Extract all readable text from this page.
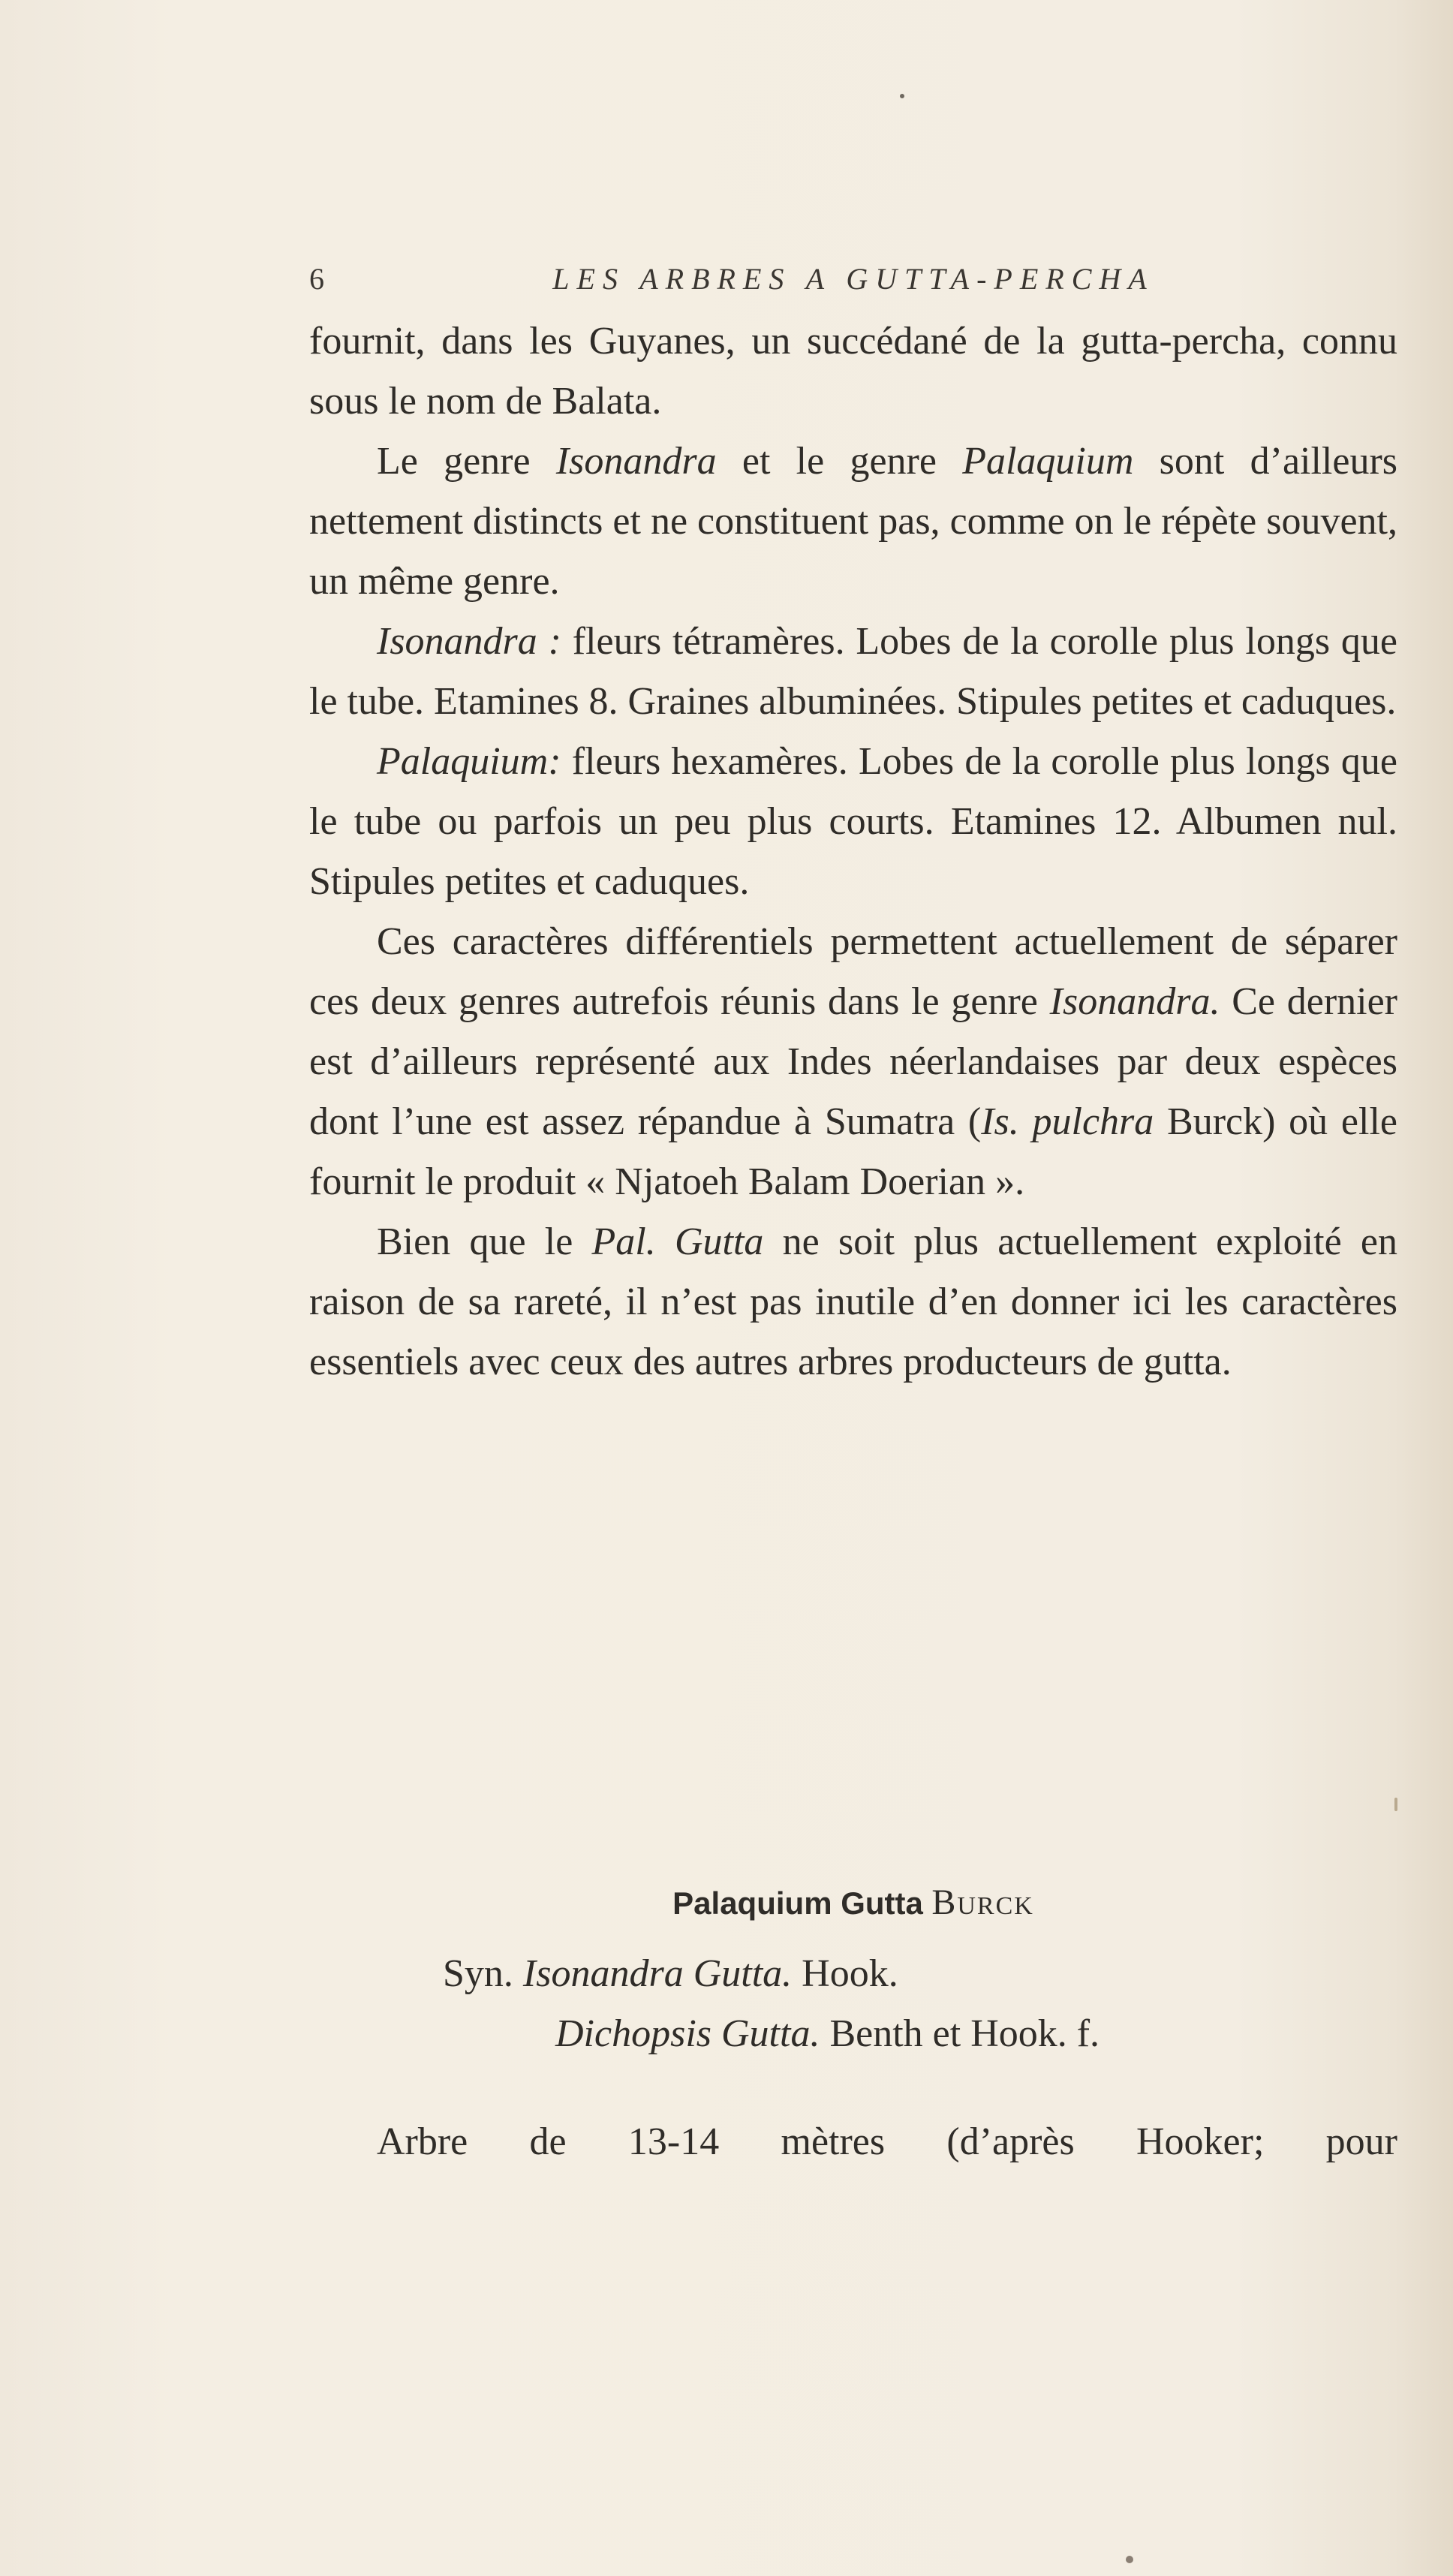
6	LES ARBRES A GUTTA-PERCHA

fournit, dans les Guyanes, un succédané de la gutta-percha, connu sous le nom de Balata.

Le genre Isonandra et le genre Palaquium sont d’ailleurs nettement distincts et ne constituent pas, comme on le répète souvent, un même genre.

Isonandra : fleurs tétramères. Lobes de la corolle plus longs que le tube. Etamines 8. Graines albuminées. Stipules petites et caduques.

Palaquium: fleurs hexamères. Lobes de la corolle plus longs que le tube ou parfois un peu plus courts. Etamines 12. Albumen nul. Stipules petites et caduques.

Ces caractères différentiels permettent actuellement de séparer ces deux genres autrefois réunis dans le genre Isonandra. Ce dernier est d’ailleurs représenté aux Indes néerlandaises par deux espèces dont l’une est assez répandue à Sumatra (Is. pulchra Burck) où elle fournit le produit « Njatoeh Balam Doerian ».

Bien que le Pal. Gutta ne soit plus actuellement exploité en raison de sa rareté, il n’est pas inutile d’en donner ici les caractères essentiels avec ceux des autres arbres producteurs de gutta.

Palaquium Gutta Burck
Syn. Isonandra Gutta. Hook.
Dichopsis Gutta. Benth et Hook. f.
Arbre de 13-14 mètres (d’après Hooker; pour
